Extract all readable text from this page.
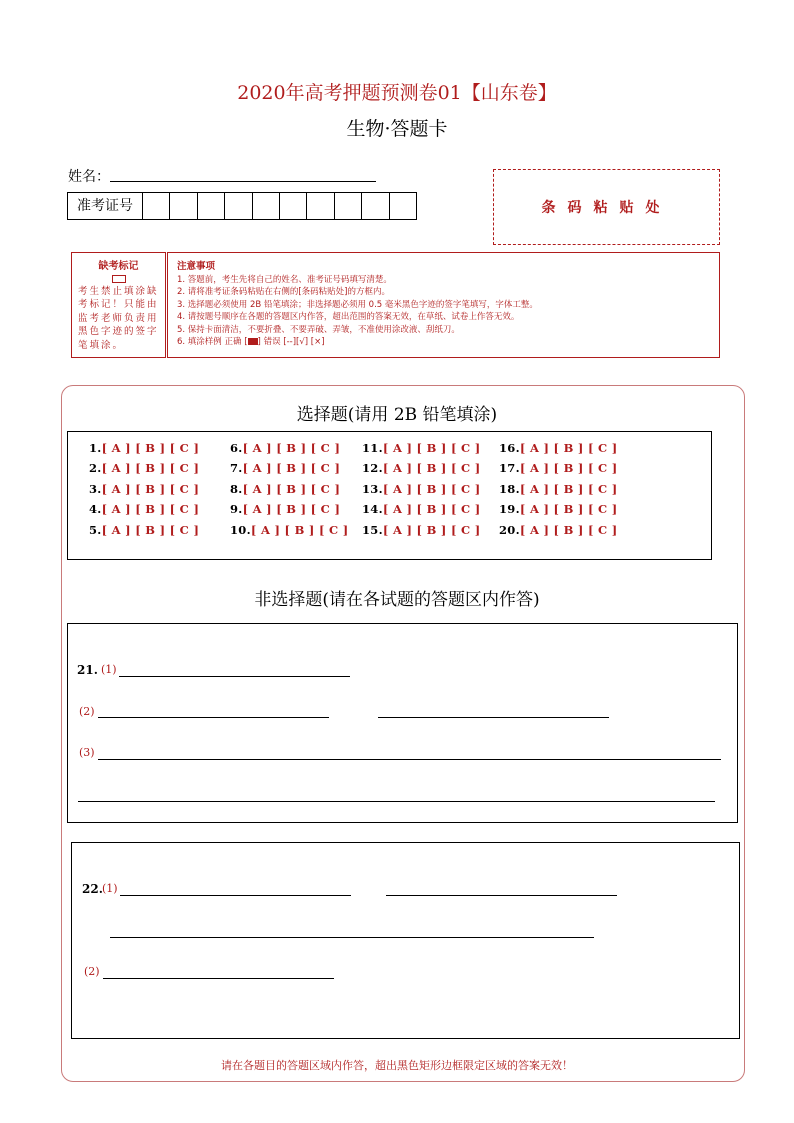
2020年高考押题预测卷01【山东卷】
生物·答题卡
姓名：
准考证号	条码粘贴处
缺考标记
考生禁止填涂缺考标记！只能由监考老师负责用黑色字迹的签字笔填涂。
注意事项
1. 答题前，考生先将自己的姓名、准考证号码填写清楚。
2. 请将准考证条码粘贴在右侧的[条码粘贴处]的方框内。
3. 选择题必须使用 2B 铅笔填涂；非选择题必须用 0.5 毫米黑色字迹的签字笔填写，字体工整。
4. 请按题号顺序在各题的答题区内作答，超出范围的答案无效，在草纸、试卷上作答无效。
5. 保持卡面清洁，不要折叠、不要弄破、弄皱，不准使用涂改液、刮纸刀。
6. 填涂样例 正确 [ ] 错误 [--][√] [×]
选择题(请用 2B 铅笔填涂)
1.[ A ] [ B ] [ C ]
2.[ A ] [ B ] [ C ]
3.[ A ] [ B ] [ C ]
4.[ A ] [ B ] [ C ]
5.[ A ] [ B ] [ C ]
6.[ A ] [ B ] [ C ]
7.[ A ] [ B ] [ C ]
8.[ A ] [ B ] [ C ]
9.[ A ] [ B ] [ C ]
10.[ A ] [ B ] [ C ]
11.[ A ] [ B ] [ C ]
12.[ A ] [ B ] [ C ]
13.[ A ] [ B ] [ C ]
14.[ A ] [ B ] [ C ]
15.[ A ] [ B ] [ C ]
16.[ A ] [ B ] [ C ]
17.[ A ] [ B ] [ C ]
18.[ A ] [ B ] [ C ]
19.[ A ] [ B ] [ C ]
20.[ A ] [ B ] [ C ]
非选择题(请在各试题的答题区内作答)
21. (1)
(2)
(3)
22. (1)
(2)
请在各题目的答题区域内作答，超出黑色矩形边框限定区域的答案无效！
